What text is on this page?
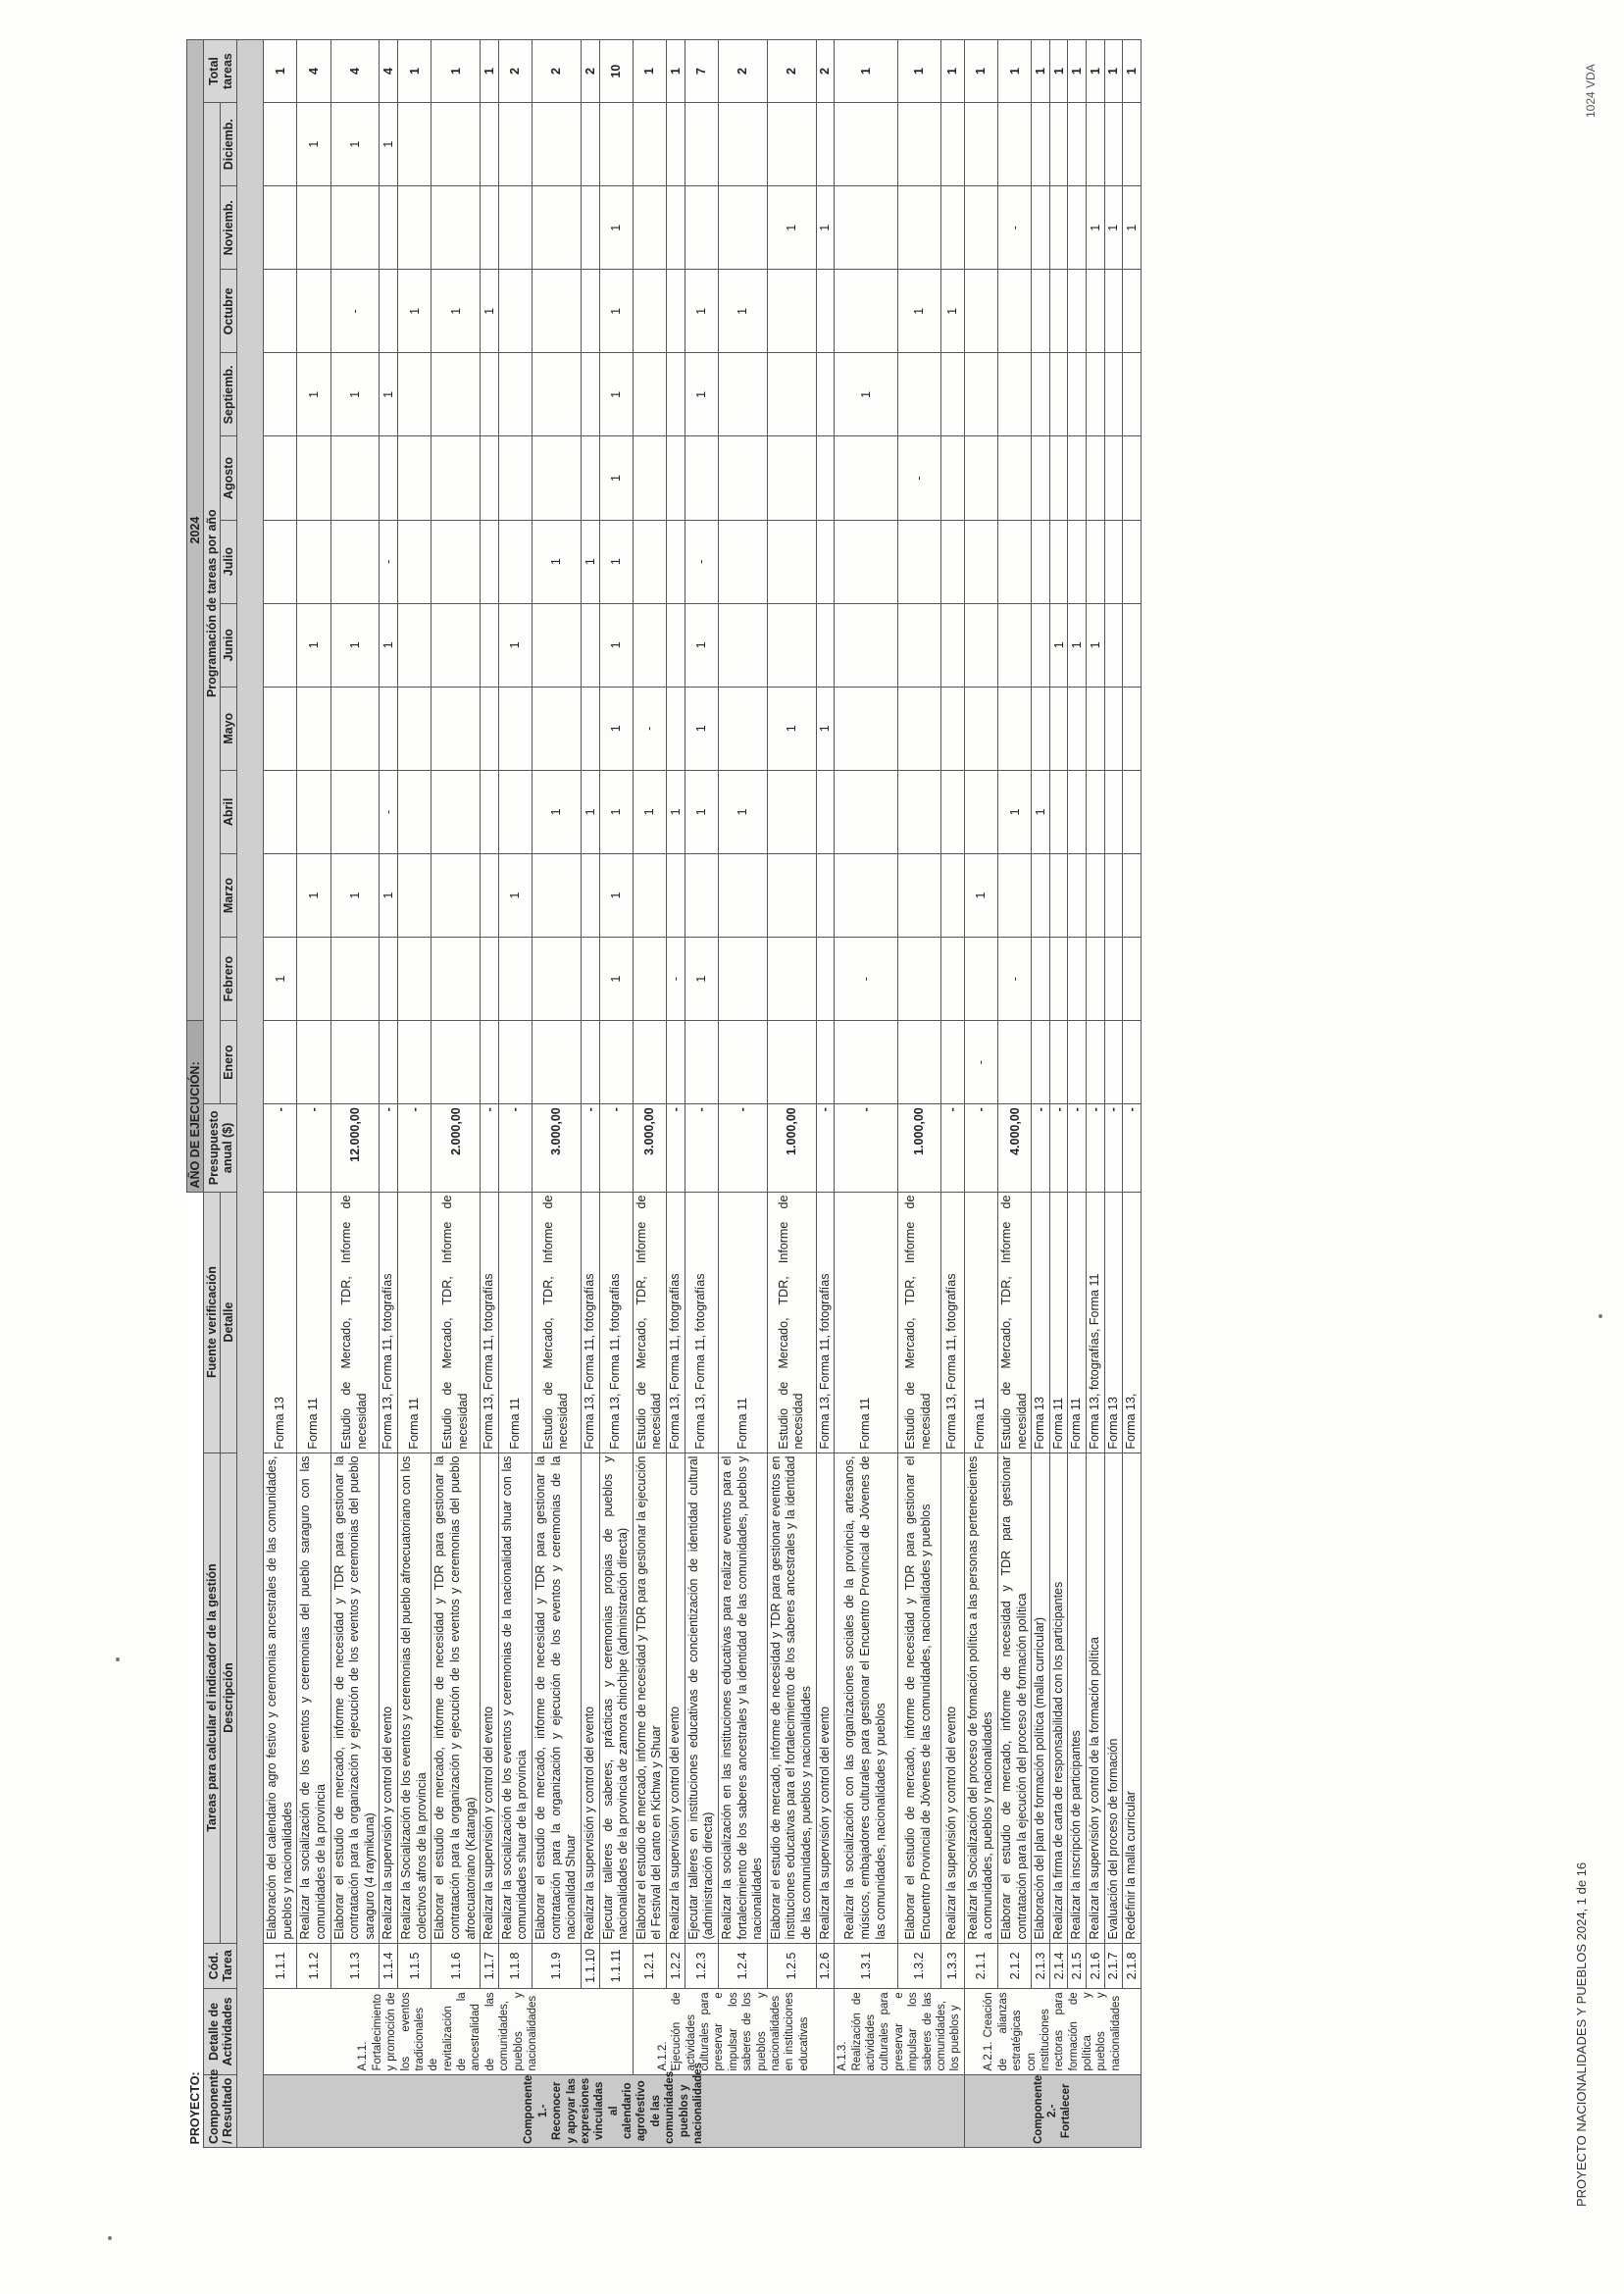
PROYECTO:					AÑO DE EJECUCIÓN:		2024											
Componente / Resultado	Detalle de Actividades	Cód. Tarea	Tareas para calcular el indicador de la gestión	Fuente verificación	Presupuesto anual ($)	Programación de tareas por año												Total tareas
			Descripción	Detalle		Enero	Febrero	Marzo	Abril	Mayo	Junio	Julio	Agosto	Septiemb.	Octubre	Noviemb.	Diciemb.	

Componente 1.- Reconocer y apoyar las expresiones vinculadas al calendario agrofestivo de las comunidades, pueblos y nacionalidades	A.1.1. Fortalecimiento y promoción de los eventos tradicionales de revitalización de la ancestralidad de las comunidades, pueblos y nacionalidades	1.1.1	Elaboración del calendario agro festivo y ceremonias ancestrales de las comunidades, pueblos y nacionalidades	Forma 13	-		1											1
		1.1.2	Realizar la socialización de los eventos y ceremonias del pueblo saraguro con las comunidades de la provincia	Forma 11	-			1			1			1			1	4
		1.1.3	Elaborar el estudio de mercado, informe de necesidad y TDR para gestionar la contratación para la organización y ejecución de los eventos y ceremonias del pueblo saraguro (4 raymikuna)	Estudio de Mercado, TDR, Informe de necesidad	12.000,00			1			1			1	-		1	4
		1.1.4	Realizar la supervisión y control del evento	Forma 13, Forma 11, fotografías	-			1	-		1	-		1			1	4
		1.1.5	Realizar la Socialización de los eventos y ceremonias del pueblo afroecuatoriano con los colectivos afros de la provincia	Forma 11	-										1			1
		1.1.6	Elaborar el estudio de mercado, informe de necesidad y TDR para gestionar la contratación para la organización y ejecución de los eventos y ceremonias del pueblo afroecuatoriano (Katanga)	Estudio de Mercado, TDR, Informe de necesidad	2.000,00										1			1
		1.1.7	Realizar la supervisión y control del evento	Forma 13, Forma 11, fotografías	-										1			1
		1.1.8	Realizar la socialización de los eventos y ceremonias de la nacionalidad shuar con las comunidades shuar de la provincia	Forma 11	-			1			1							2
		1.1.9	Elaborar el estudio de mercado, informe de necesidad y TDR para gestionar la contratación para la organización y ejecución de los eventos y ceremonias de la nacionalidad Shuar	Estudio de Mercado, TDR, Informe de necesidad	3.000,00				1			1						2
		1.1.10	Realizar la supervisión y control del evento	Forma 13, Forma 11, fotografías	-				1			1						2
		1.1.11	Ejecutar talleres de saberes, prácticas y ceremonias propias de pueblos y nacionalidades de la provincia de zamora chinchipe (administración directa)	Forma 13, Forma 11, fotografías	-		1	1	1	1	1	1	1	1	1	1		10
	A.1.2. Ejecución de actividades culturales para preservar e impulsar los saberes de los pueblos y nacionalidades en instituciones educativas	1.2.1	Elaborar el estudio de mercado, informe de necesidad y TDR para gestionar la ejecución el Festival del canto en Kichwa y Shuar	Estudio de Mercado, TDR, Informe de necesidad	3.000,00				1	-								1
		1.2.2	Realizar la supervisión y control del evento	Forma 13, Forma 11, fotografías	-		-		1									1
		1.2.3	Ejecutar talleres en instituciones educativas de concientización de identidad cultural (administración directa)	Forma 13, Forma 11, fotografías	-		1		1	1	1	-		1	1			7
		1.2.4	Realizar la socialización en las instituciones educativas para realizar eventos para el fortalecimiento de los saberes ancestrales y la identidad de las comunidades, pueblos y nacionalidades	Forma 11	-				1						1			2
		1.2.5	Elaborar el estudio de mercado, informe de necesidad y TDR para gestionar eventos en instituciones educativas para el fortalecimiento de los saberes ancestrales y la identidad de las comunidades, pueblos y nacionalidades	Estudio de Mercado, TDR, Informe de necesidad	1.000,00					1						1		2
		1.2.6	Realizar la supervisión y control del evento	Forma 13, Forma 11, fotografías	-					1						1		2
	A.1.3. Realización de actividades culturales para preservar e impulsar los saberes de las comunidades, los pueblos y	1.3.1	Realizar la socialización con las organizaciones sociales de la provincia, artesanos, músicos, embajadores culturales para gestionar el Encuentro Provincial de Jóvenes de las comunidades, nacionalidades y pueblos	Forma 11	-		-							1				1
		1.3.2	Elaborar el estudio de mercado, informe de necesidad y TDR para gestionar el Encuentro Provincial de Jóvenes de las comunidades, nacionalidades y pueblos	Estudio de Mercado, TDR, Informe de necesidad	1.000,00								-		1			1
		1.3.3	Realizar la supervisión y control del evento	Forma 13, Forma 11, fotografías	-										1			1
Componente 2.- Fortalecer	A.2.1. Creación de alianzas estratégicas con instituciones rectoras para formación de política y pueblos y nacionalidades	2.1.1	Realizar la Socialización del proceso de formación política a las personas pertenecientes a comunidades, pueblos y nacionalidades	Forma 11	-	-		1										1
		2.1.2	Elaborar el estudio de mercado, informe de necesidad y TDR para gestionar contratación para la ejecución del proceso de formación política	Estudio de Mercado, TDR, Informe de necesidad	4.000,00		-		1							-		1
		2.1.3	Elaboración del plan de formación política (malla curricular)	Forma 13	-				1									1
		2.1.4	Realizar la firma de carta de responsabilidad con los participantes	Forma 11	-						1							1
		2.1.5	Realizar la inscripción de participantes	Forma 11	-						1							1
		2.1.6	Realizar la supervisión y control de la formación política	Forma 13, fotografías, Forma 11	-						1					1		1
		2.1.7	Evaluación del proceso de formación	Forma 13	-											1		1
		2.1.8	Redefinir la malla curricular	Forma 13,	-											1		1
PROYECTO NACIONALIDADES Y PUEBLOS 2024, 1 de 16
1024 VDA
